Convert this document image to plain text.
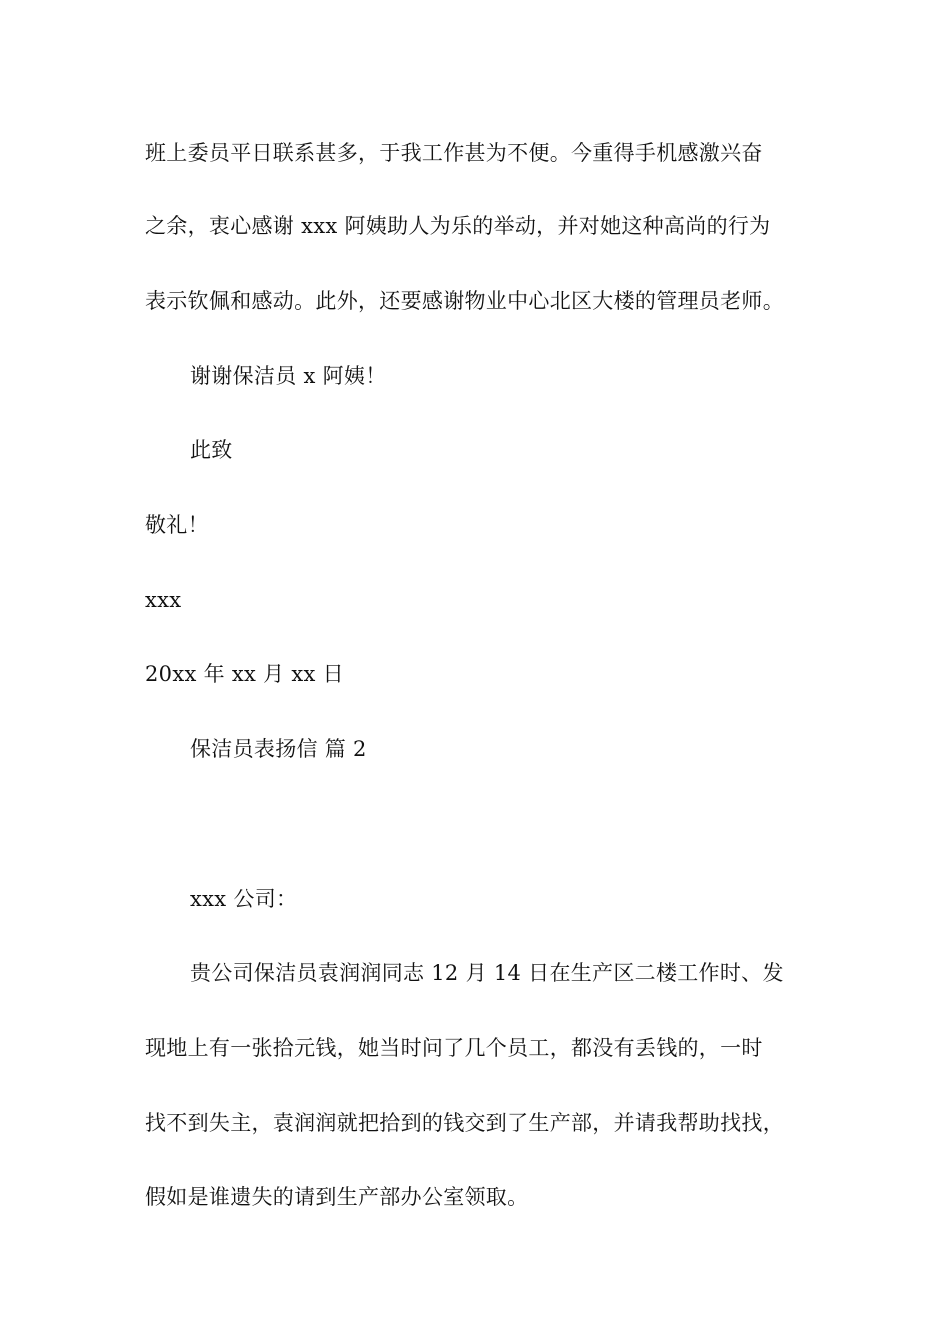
班上委员平日联系甚多，于我工作甚为不便。今重得手机感激兴奋
之余，衷心感谢 xxx 阿姨助人为乐的举动，并对她这种高尚的行为
表示钦佩和感动。此外，还要感谢物业中心北区大楼的管理员老师。
谢谢保洁员 x 阿姨！
此致
敬礼！
xxx
20xx 年 xx 月 xx 日
保洁员表扬信 篇 2
xxx 公司：
贵公司保洁员袁润润同志 12 月 14 日在生产区二楼工作时、发
现地上有一张拾元钱，她当时问了几个员工，都没有丢钱的，一时
找不到失主，袁润润就把拾到的钱交到了生产部，并请我帮助找找，
假如是谁遗失的请到生产部办公室领取。
